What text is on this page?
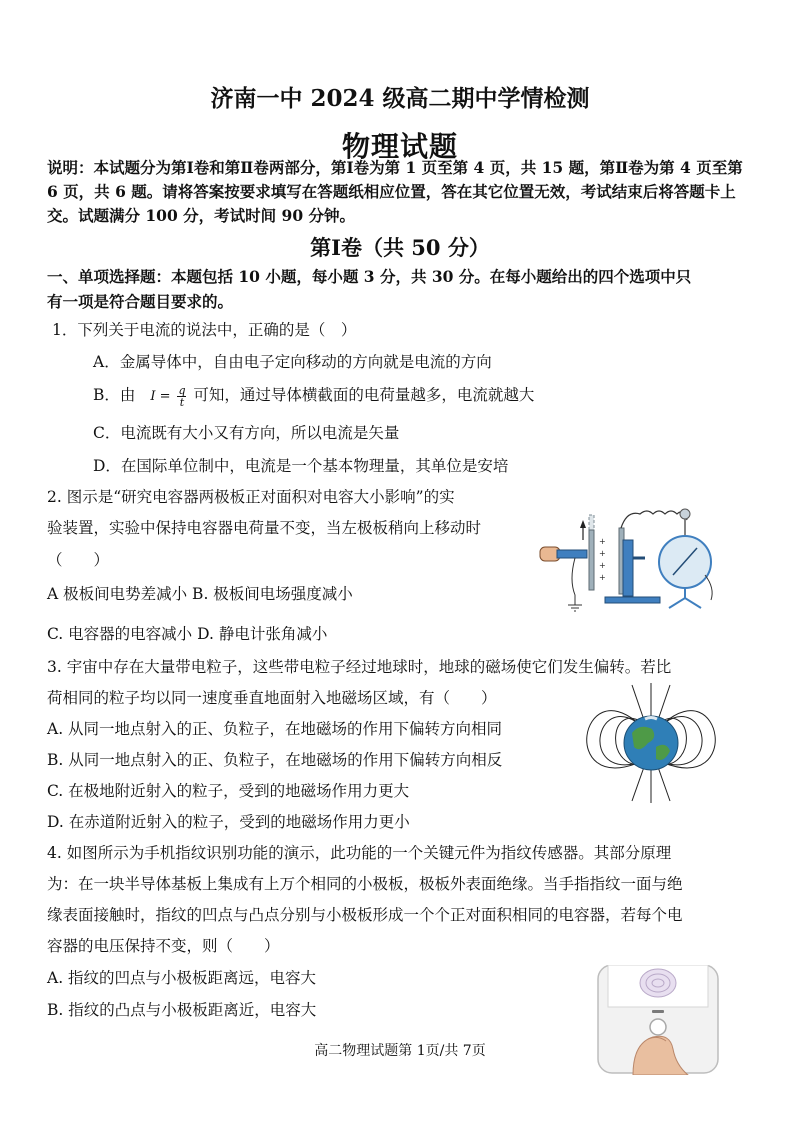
济南一中 2024 级高二期中学情检测
物理试题
说明：本试题分为第Ⅰ卷和第Ⅱ卷两部分，第Ⅰ卷为第 1 页至第 4 页，共 15 题，第Ⅱ卷为第 4 页至第 6 页，共 6 题。请将答案按要求填写在答题纸相应位置，答在其它位置无效，考试结束后将答题卡上交。试题满分 100 分，考试时间 90 分钟。
第Ⅰ卷（共 50 分）
一、单项选择题：本题包括 10 小题，每小题 3 分，共 30 分。在每小题给出的四个选项中只
有一项是符合题目要求的。
1．下列关于电流的说法中，正确的是（　）
A．金属导体中，自由电子定向移动的方向就是电流的方向
B．由 $I = \frac{q}{t}$ 可知，通过导体横截面的电荷量越多，电流就越大
C．电流既有大小又有方向，所以电流是矢量
D．在国际单位制中，电流是一个基本物理量，其单位是安培
2. 图示是“研究电容器两极板正对面积对电容大小影响”的实
验装置，实验中保持电容器电荷量不变，当左极板稍向上移动时
（　　）
A 极板间电势差减小 B. 极板间电场强度减小
C. 电容器的电容减小 D. 静电计张角减小
+
+
+
+
3. 宇宙中存在大量带电粒子，这些带电粒子经过地球时，地球的磁场使它们发生偏转。若比
荷相同的粒子均以同一速度垂直地面射入地磁场区域，有（　　）
A. 从同一地点射入的正、负粒子，在地磁场的作用下偏转方向相同
B. 从同一地点射入的正、负粒子，在地磁场的作用下偏转方向相反
C. 在极地附近射入的粒子，受到的地磁场作用力更大
D. 在赤道附近射入的粒子，受到的地磁场作用力更小
4. 如图所示为手机指纹识别功能的演示，此功能的一个关键元件为指纹传感器。其部分原理
为：在一块半导体基板上集成有上万个相同的小极板，极板外表面绝缘。当手指指纹一面与绝
缘表面接触时，指纹的凹点与凸点分别与小极板形成一个个正对面积相同的电容器，若每个电
容器的电压保持不变，则（　　）
A. 指纹的凹点与小极板距离远，电容大
B. 指纹的凸点与小极板距离近，电容大
高二物理试题第 1页/共 7页
